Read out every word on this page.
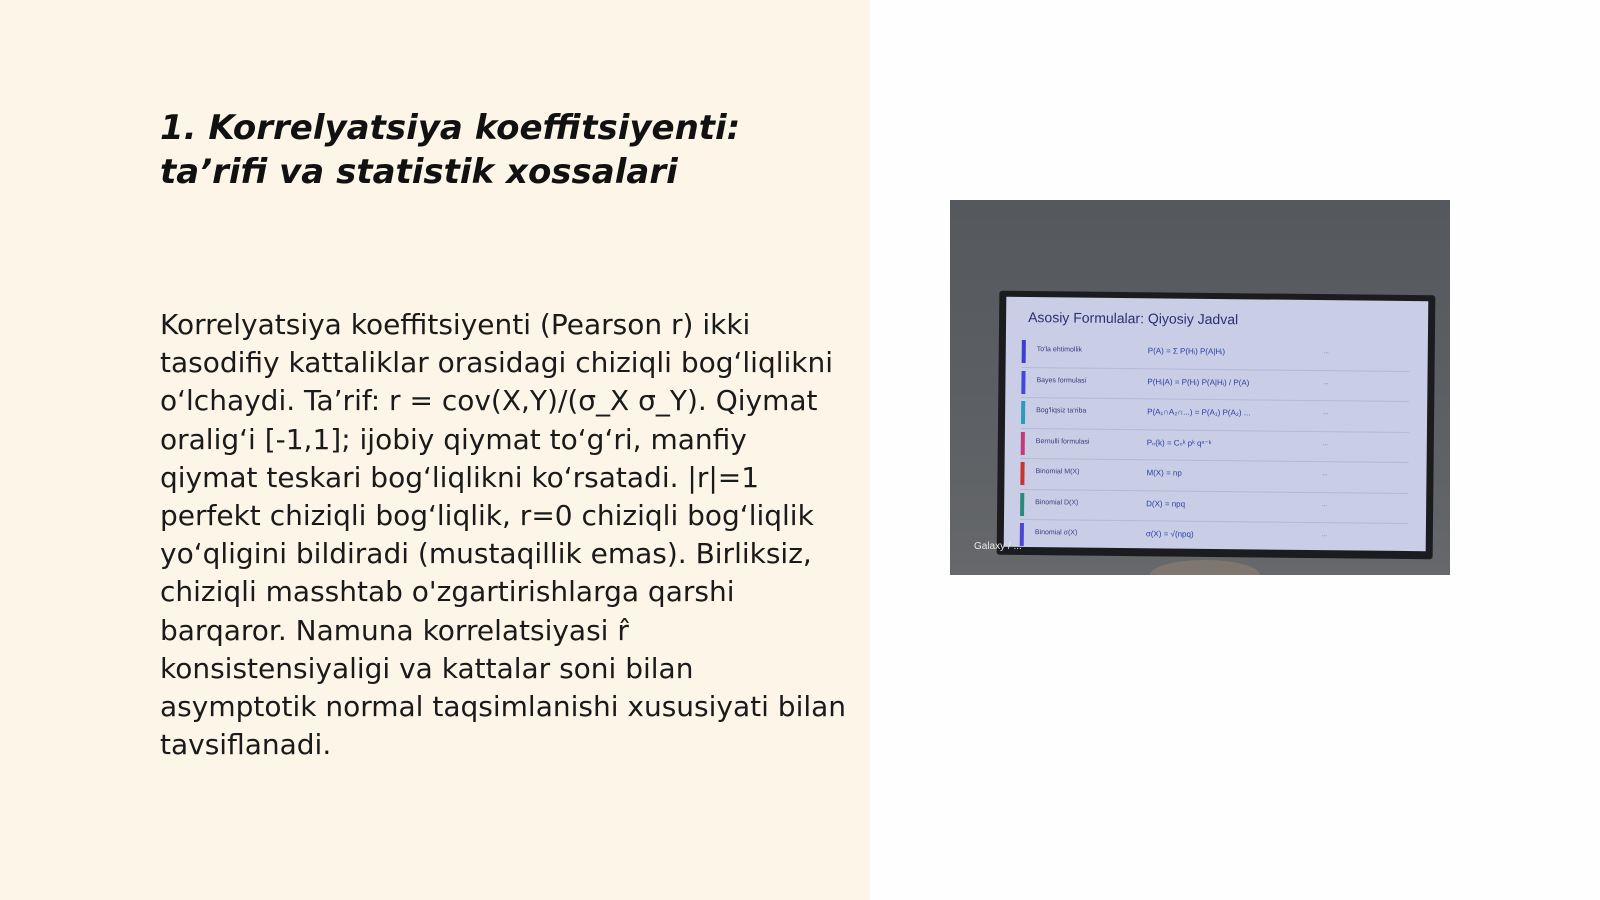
1. Korrelyatsiya koeffitsiyenti: ta’rifi va statistik xossalari

Korrelyatsiya koeffitsiyenti (Pearson r) ikki tasodifiy kattaliklar orasidagi chiziqli bog‘liqlikni o‘lchaydi. Ta’rif: r = cov(X,Y)/(σ_X σ_Y). Qiymat oralig‘i [-1,1]; ijobiy qiymat to‘g‘ri, manfiy qiymat teskari bog‘liqlikni ko‘rsatadi. |r|=1 perfekt chiziqli bog‘liqlik, r=0 chiziqli bog‘liqlik yo‘qligini bildiradi (mustaqillik emas). Birliksiz, chiziqli masshtab o'zgartirishlarga qarshi barqaror. Namuna korrelatsiyasi r̂ konsistensiyaligi va kattalar soni bilan asymptotik normal taqsimlanishi xususiyati bilan tavsiflanadi.

Asosiy Formulalar: Qiyosiy Jadval
To'la ehtimollik	P(A) = Σ P(Hᵢ) P(A|Hᵢ)	...
Bayes formulasi	P(Hᵢ|A) = P(Hᵢ) P(A|Hᵢ) / P(A)	...
Bog'liqsiz ta'riba	P(A₁∩A₂∩...) = P(A₁) P(A₂) ...	...
Bernulli formulasi	Pₙ(k) = Cₙᵏ pᵏ qⁿ⁻ᵏ	...
Binomial M(X)	M(X) = np	...
Binomial D(X)	D(X) = npq	...
Binomial σ(X)	σ(X) = √(npq)	...
Galaxy / ...
